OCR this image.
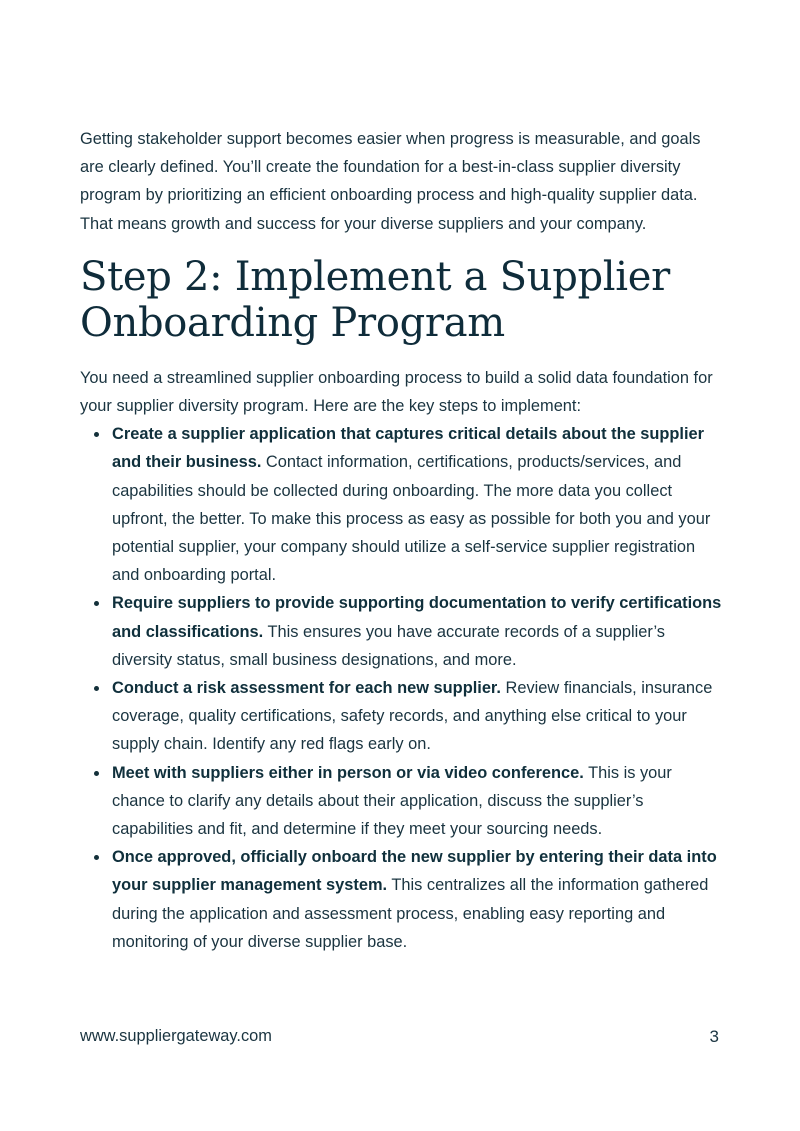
Getting stakeholder support becomes easier when progress is measurable, and goals are clearly defined. You’ll create the foundation for a best-in-class supplier diversity program by prioritizing an efficient onboarding process and high-quality supplier data. That means growth and success for your diverse suppliers and your company.

Step 2: Implement a Supplier Onboarding Program

You need a streamlined supplier onboarding process to build a solid data foundation for your supplier diversity program. Here are the key steps to implement:

Create a supplier application that captures critical details about the supplier and their business. Contact information, certifications, products/services, and capabilities should be collected during onboarding. The more data you collect upfront, the better. To make this process as easy as possible for both you and your potential supplier, your company should utilize a self-service supplier registration and onboarding portal.
Require suppliers to provide supporting documentation to verify certifications and classifications. This ensures you have accurate records of a supplier’s diversity status, small business designations, and more.
Conduct a risk assessment for each new supplier. Review financials, insurance coverage, quality certifications, safety records, and anything else critical to your supply chain. Identify any red flags early on.
Meet with suppliers either in person or via video conference. This is your chance to clarify any details about their application, discuss the supplier’s capabilities and fit, and determine if they meet your sourcing needs.
Once approved, officially onboard the new supplier by entering their data into your supplier management system. This centralizes all the information gathered during the application and assessment process, enabling easy reporting and monitoring of your diverse supplier base.
www.suppliergateway.com	3
